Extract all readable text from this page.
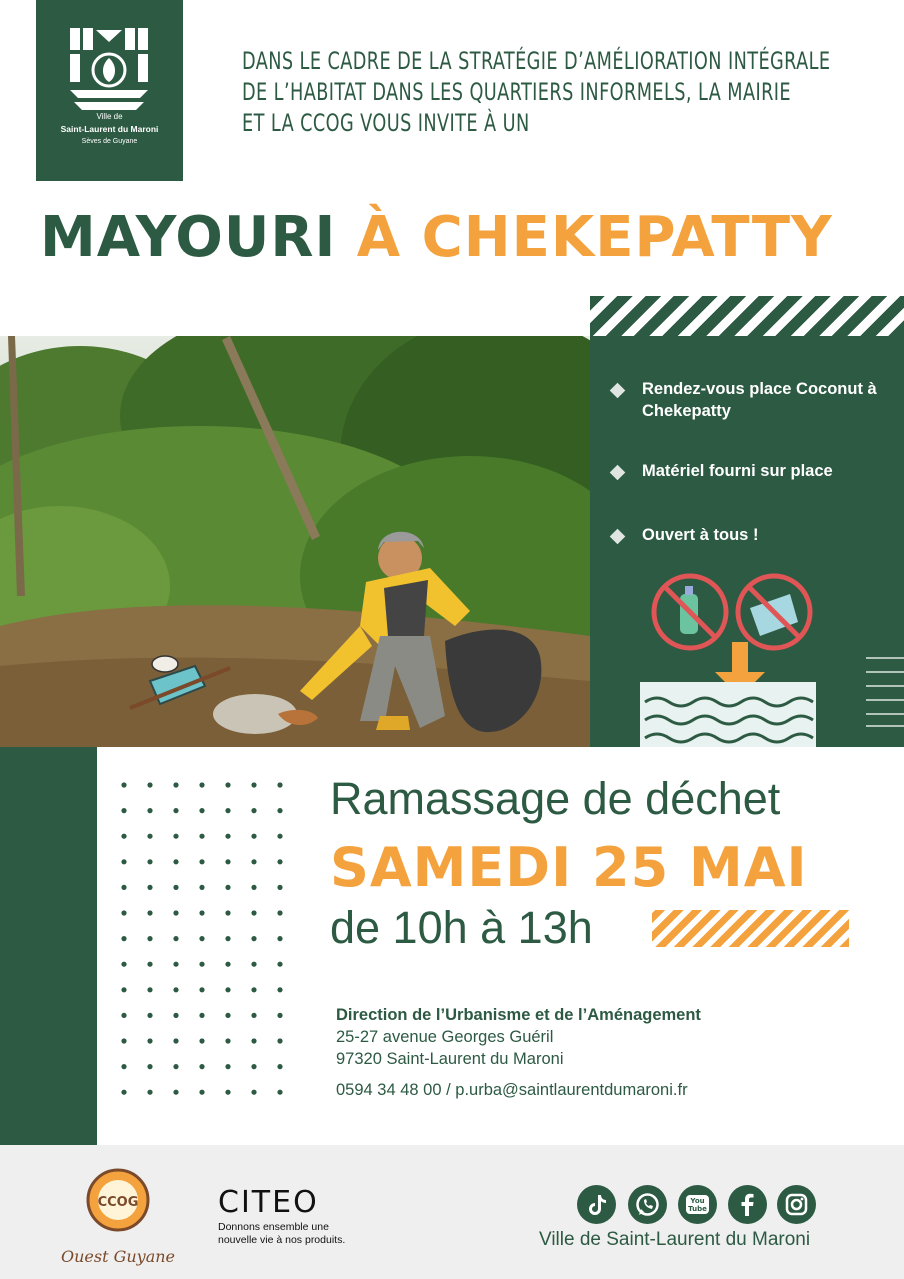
Ville de
Saint-Laurent du Maroni
Sèves de Guyane
DANS LE CADRE DE LA STRATÉGIE D’AMÉLIORATION INTÉGRALE
DE L’HABITAT DANS LES QUARTIERS INFORMELS, LA MAIRIE
ET LA CCOG VOUS INVITE À UN
MAYOURI À CHEKEPATTY
Rendez-vous place Coconut à Chekepatty
Matériel fourni sur place
Ouvert à tous !
Ramassage de déchet
SAMEDI 25 MAI
de 10h à 13h
Direction de l’Urbanisme et de l’Aménagement
25-27 avenue Georges Guéril
97320 Saint-Laurent du Maroni
0594 34 48 00 / p.urba@saintlaurentdumaroni.fr
CCOG
Ouest Guyane
CITEO
Donnons ensemble une
nouvelle vie à nos produits.
You
Tube
Ville de Saint-Laurent du Maroni
